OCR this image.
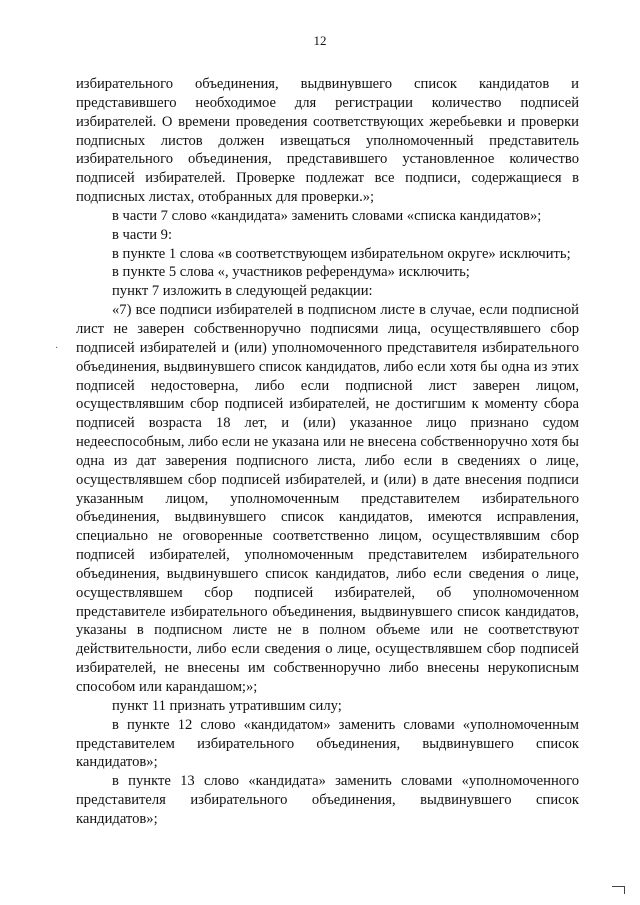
12
·

избирательного объединения, выдвинувшего список кандидатов и представившего необходимое для регистрации количество подписей избирателей. О времени проведения соответствующих жеребьевки и проверки подписных листов должен извещаться уполномоченный представитель избирательного объединения, представившего установленное количество подписей избирателей. Проверке подлежат все подписи, содержащиеся в подписных листах, отобранных для проверки.»;

в части 7 слово «кандидата» заменить словами «списка кандидатов»;

в части 9:

в пункте 1 слова «в соответствующем избирательном округе» исключить;

в пункте 5 слова «, участников референдума» исключить;

пункт 7 изложить в следующей редакции:

«7) все подписи избирателей в подписном листе в случае, если подписной лист не заверен собственноручно подписями лица, осуществлявшего сбор подписей избирателей и (или) уполномоченного представителя избирательного объединения, выдвинувшего список кандидатов, либо если хотя бы одна из этих подписей недостоверна, либо если подписной лист заверен лицом, осуществлявшим сбор подписей избирателей, не достигшим к моменту сбора подписей возраста 18 лет, и (или) указанное лицо признано судом недееспособным, либо если не указана или не внесена собственноручно хотя бы одна из дат заверения подписного листа, либо если в сведениях о лице, осуществлявшем сбор подписей избирателей, и (или) в дате внесения подписи указанным лицом, уполномоченным представителем избирательного объединения, выдвинувшего список кандидатов, имеются исправления, специально не оговоренные соответственно лицом, осуществлявшим сбор подписей избирателей, уполномоченным представителем избирательного объединения, выдвинувшего список кандидатов, либо если сведения о лице, осуществлявшем сбор подписей избирателей, об уполномоченном представителе избирательного объединения, выдвинувшего список кандидатов, указаны в подписном листе не в полном объеме или не соответствуют действительности, либо если сведения о лице, осуществлявшем сбор подписей избирателей, не внесены им собственноручно либо внесены нерукописным способом или карандашом;»;

пункт 11 признать утратившим силу;

в пункте 12 слово «кандидатом» заменить словами «уполномоченным представителем избирательного объединения, выдвинувшего список кандидатов»;

в пункте 13 слово «кандидата» заменить словами «уполномоченного представителя избирательного объединения, выдвинувшего список кандидатов»;
